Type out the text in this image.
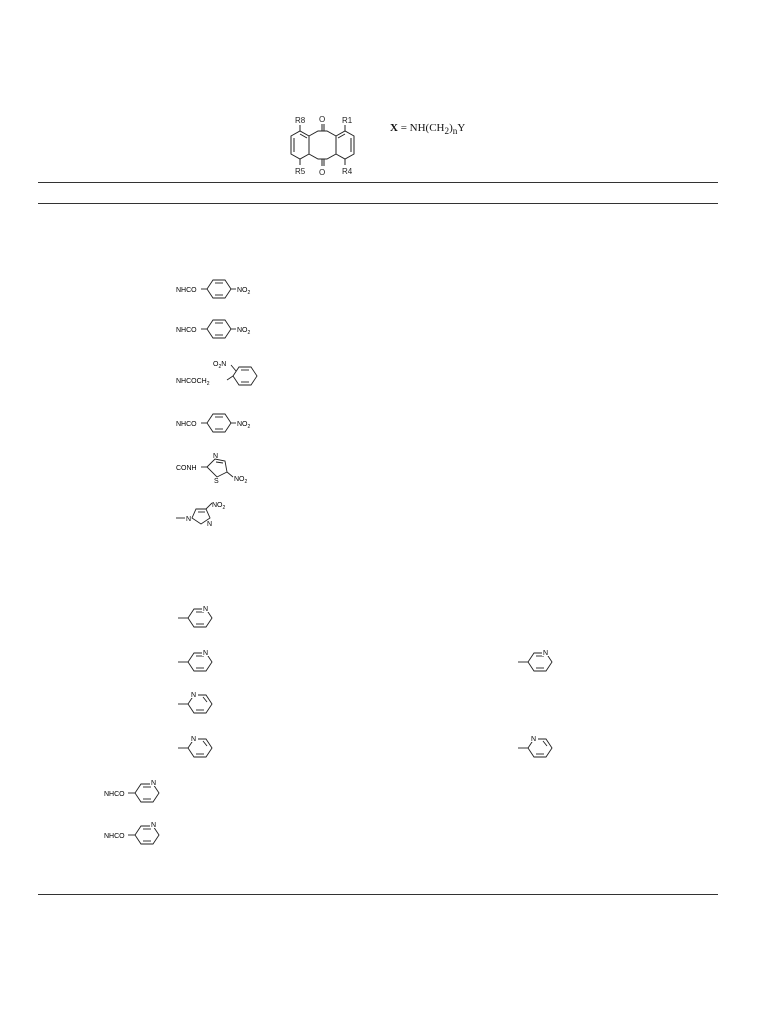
O
O
R8	R1
R5	R4
$X = NH(CH_2)_nY$
NHCO	$NO_2$
NHCO	$NO_2$
$O_2N$
$NHCOCH_2$
NHCO	$NO_2$
CONH
N
S $NO_2$
N
N
$NO_2$
N
N	N
N
N	N
N
NHCO
N
NHCO
